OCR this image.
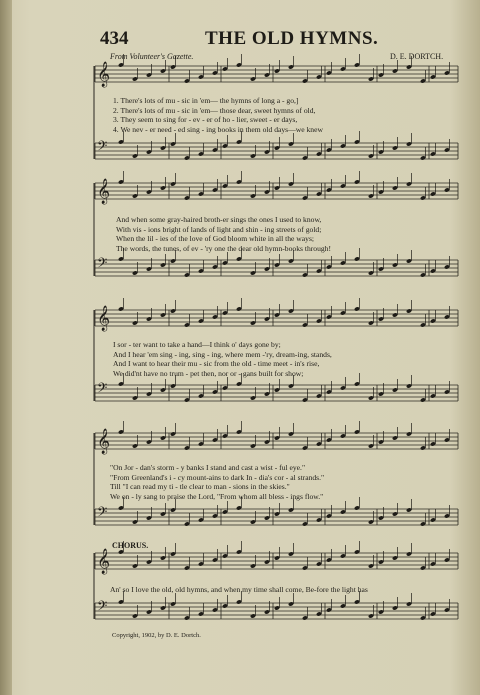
434	THE OLD HYMNS.
From Volunteer's Gazette.	D. E. DORTCH.
𝄞
𝄢
𝄞
𝄢
𝄞
𝄢
𝄞
𝄢
𝄞
𝄢
1. There's lots of mu - sic in 'em— the hymns of long a - go,]
2. There's lots of mu - sic in 'em— those dear, sweet hymns of old,
3. They seem to sing for - ev - er of ho - lier, sweet - er days,
4. We nev - er need - ed sing - ing books in them old days—we knew
And when some gray-haired broth-er sings the ones I used to know,
With vis - ions bright of lands of light and shin - ing streets of gold;
When the lil - ies of the love of God bloom white in all the ways;
The words, the tunes, of ev - 'ry one the dear old hymn-books through!
I sor - ter want to take a hand—I think o' days gone by;
And I hear 'em sing - ing, sing - ing, where mem -'ry, dream-ing, stands,
And I want to hear their mu - sic from the old - time meet - in's rise,
We did'nt have no trum - pet then, nor or - gans built for show;
"On Jor - dan's storm - y banks I stand and cast a wist - ful eye."
"From Greenland's i - cy mount-ains to dark In - dia's cor - al strands."
Till "I can read my ti - tle clear to man - sions in the skies."
We on - ly sang to praise the Lord, "From whom all bless - ings flow."
CHORUS.
An' so I love the old, old hymns, and when my time shall come, Be-fore the light has
Copyright, 1902, by D. E. Dortch.
